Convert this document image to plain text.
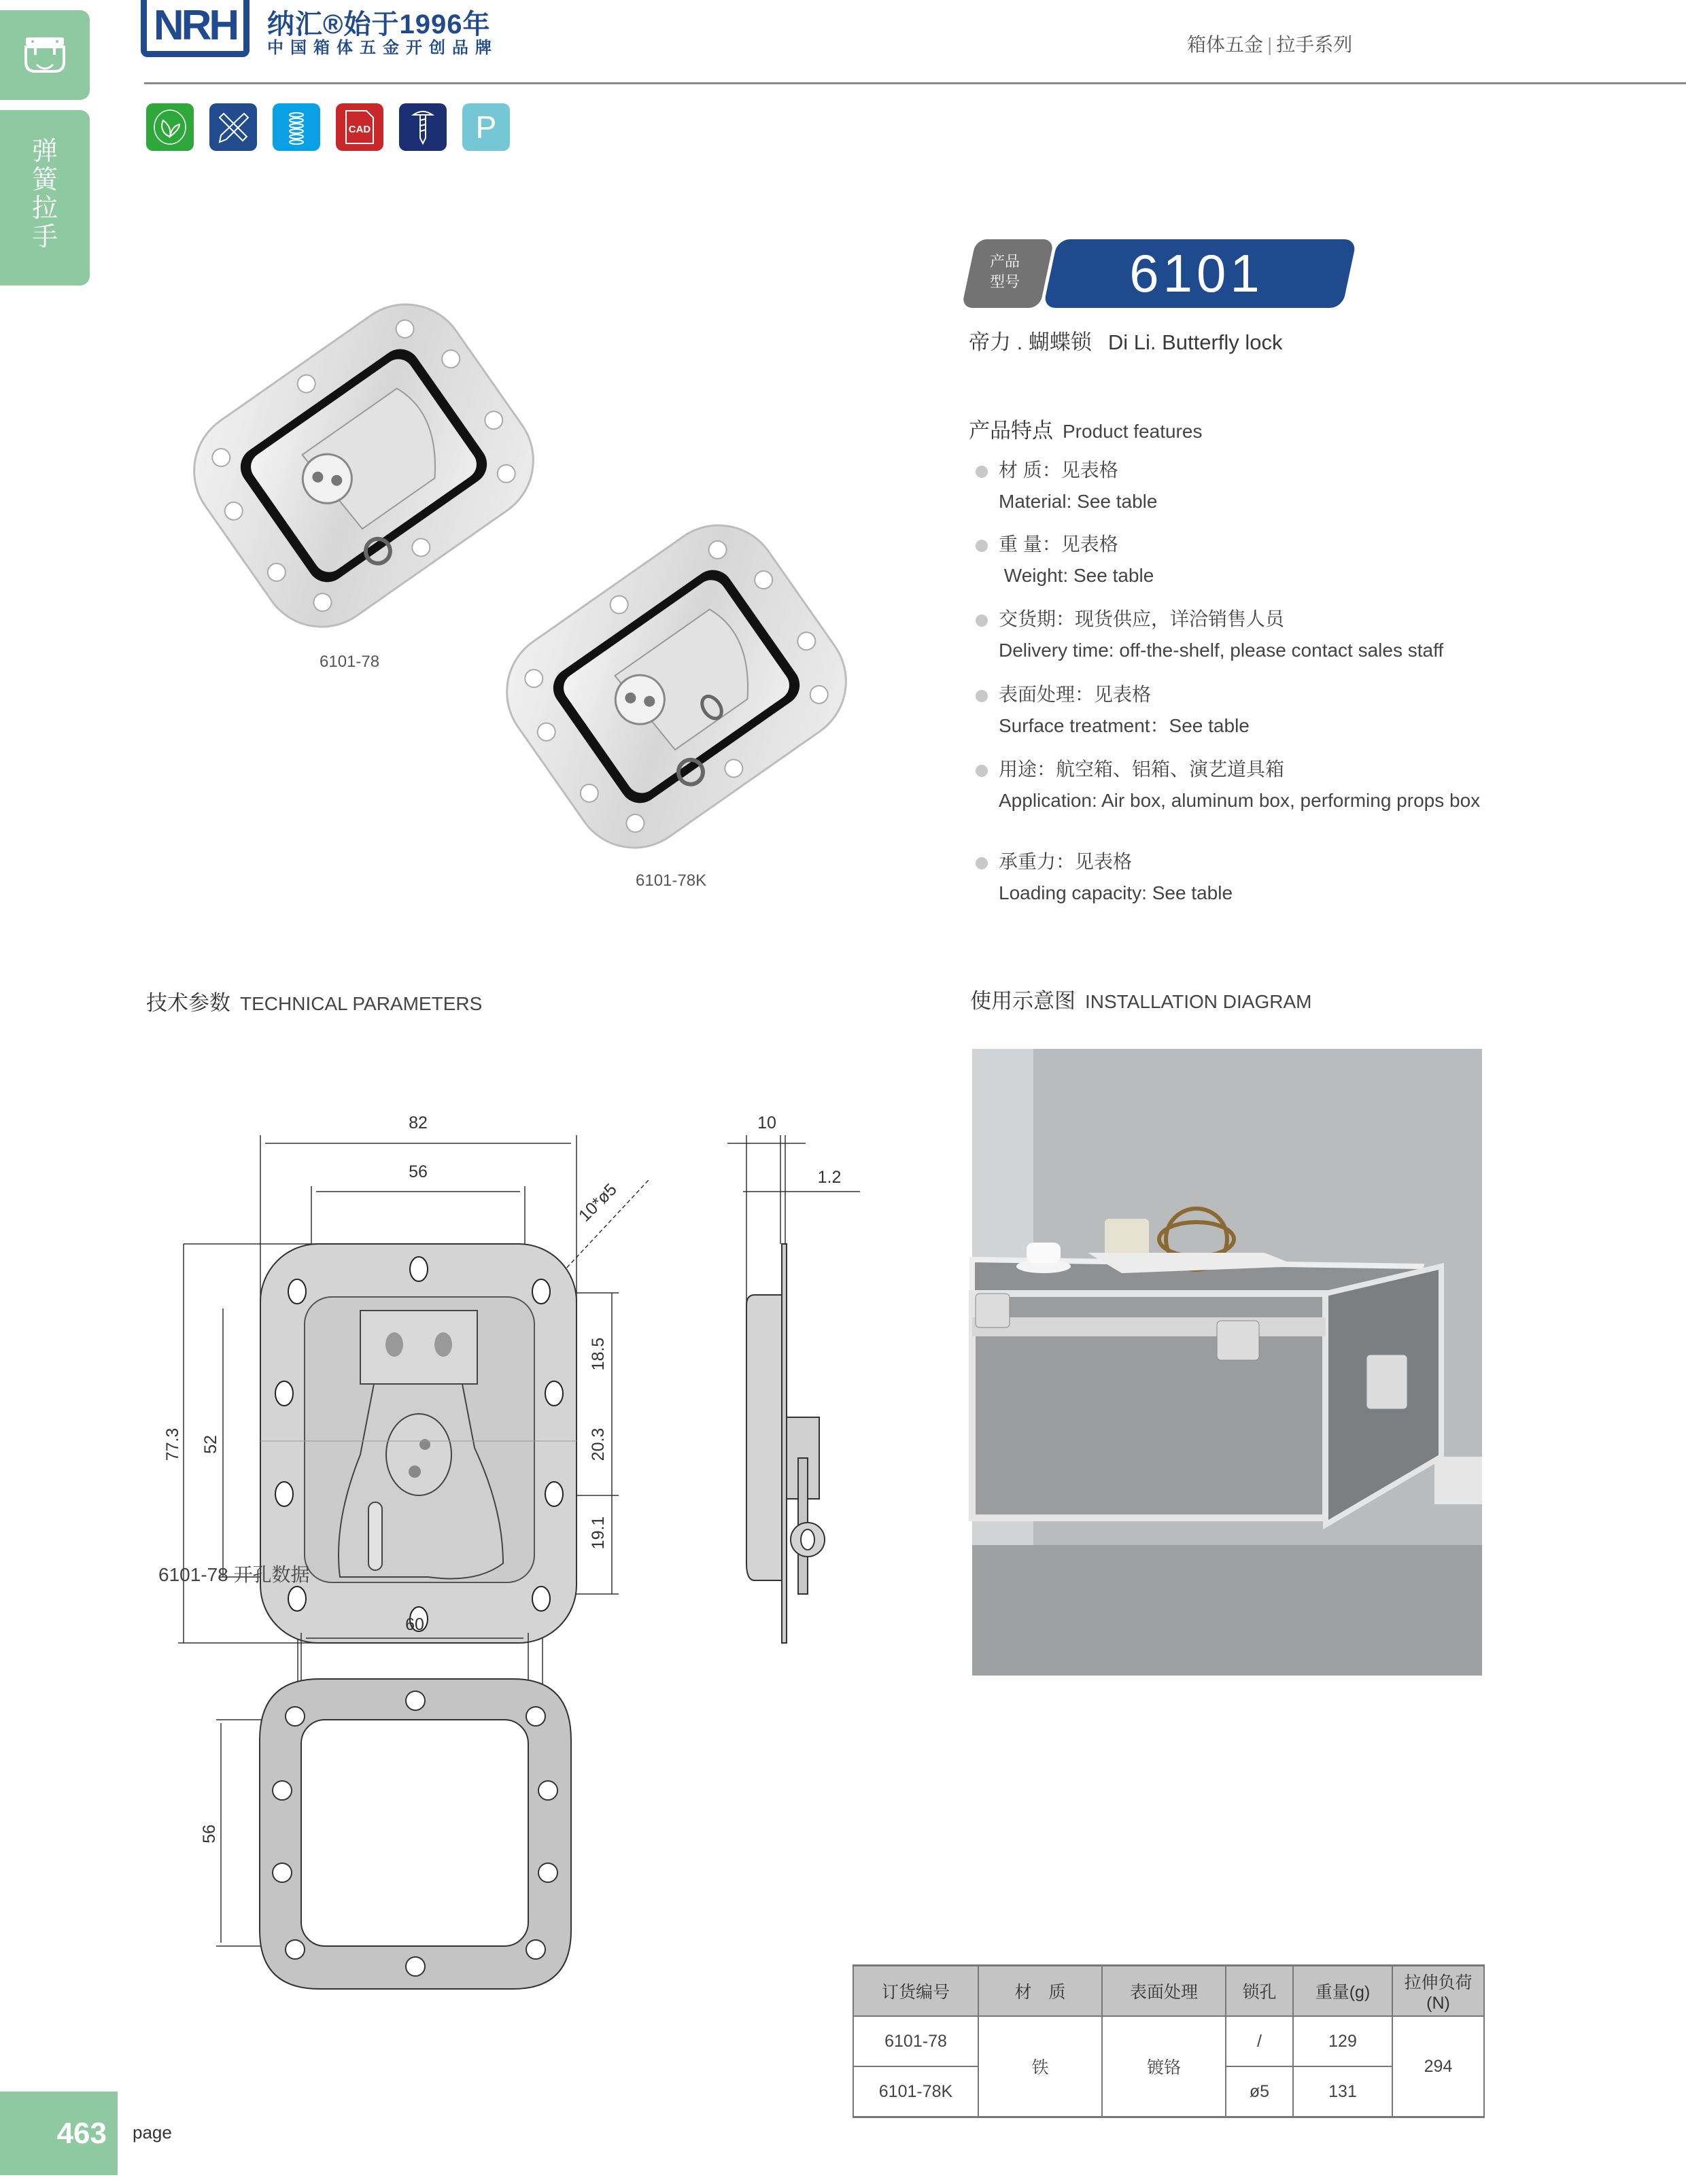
弹
簧
拉
手
NRH	纳汇®始于1996年
中国箱体五金开创品牌	箱体五金 | 拉手系列
CAD	P
产品
型号	6101
帝力 . 蝴蝶锁 Di Li. Butterfly lock
产品特点 Product features
材 质：见表格
Material: See table
重 量：见表格
Weight: See table
交货期：现货供应，详洽销售人员
Delivery time: off-the-shelf, please contact sales staff
表面处理：见表格
Surface treatment：See table
用途：航空箱、铝箱、演艺道具箱
Application: Air box, aluminum box, performing props box
承重力：见表格
Loading capacity: See table
6101-78
6101-78K
技术参数 TECHNICAL PARAMETERS
82
56
77.3 52
18.5
20.3
19.1
10*ø5
10
1.2
6101-78 开孔数据
60
56
使用示意图 INSTALLATION DIAGRAM
订货编号	材　质	表面处理	锁孔	重量(g)	拉伸负荷(N)
6101-78	铁	镀铬	/	129	294
6101-78K			ø5	131	
463	page
